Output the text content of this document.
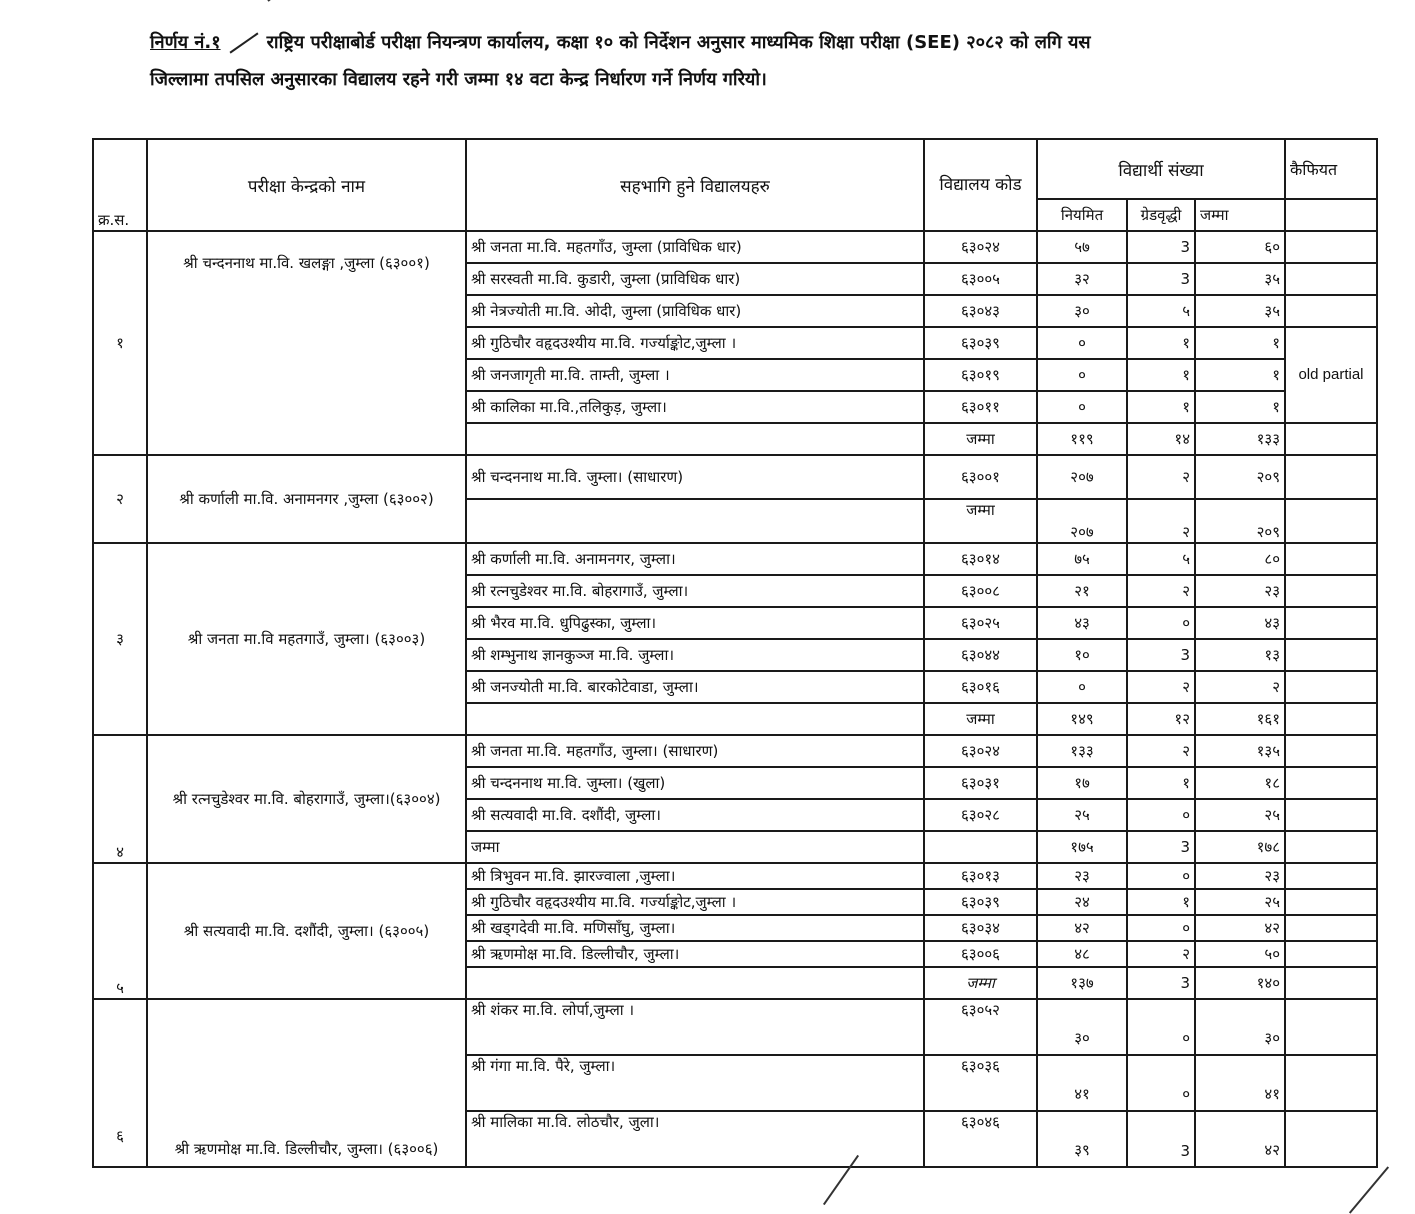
निर्णय नं.१	राष्ट्रिय परीक्षाबोर्ड परीक्षा नियन्त्रण कार्यालय, कक्षा १० को निर्देशन अनुसार माध्यमिक शिक्षा परीक्षा (SEE) २०८२ को लगि यस
जिल्लामा तपसिल अनुसारका विद्यालय रहने गरी जम्मा १४ वटा केन्द्र निर्धारण गर्ने निर्णय गरियो।
क्र.स.	परीक्षा केन्द्रको नाम	सहभागि हुने विद्यालयहरु	विद्यालय कोड	विद्यार्थी संख्या			कैफियत
				नियमित	ग्रेडवृद्धी	जम्मा	
१	श्री चन्दननाथ मा.वि. खलङ्गा ,जुम्ला (६३००१)	श्री जनता मा.वि. महतगाँउ, जुम्ला (प्राविधिक धार)	६३०२४	५७	3	६०	
		श्री सरस्वती मा.वि. कुडारी, जुम्ला (प्राविधिक धार)	६३००५	३२	3	३५	
		श्री नेत्रज्योती मा.वि. ओदी, जुम्ला (प्राविधिक धार)	६३०४३	३०	५	३५	
		श्री गुठिचौर वहृदउश्यीय मा.वि. गर्ज्याङ्कोट,जुम्ला ।	६३०३९	०	१	१	old partial
		श्री जनजागृती मा.वि. ताम्ती, जुम्ला ।	६३०१९	०	१	१	
		श्री कालिका मा.वि.,तलिकुड़, जुम्ला।	६३०११	०	१	१	
			जम्मा	११९	१४	१३३	
२	श्री कर्णाली मा.वि. अनामनगर ,जुम्ला (६३००२)	श्री चन्दननाथ मा.वि. जुम्ला। (साधारण)	६३००१	२०७	२	२०९	
			जम्मा	२०७	२	२०९	
३	श्री जनता मा.वि महतगाउँ, जुम्ला। (६३००३)	श्री कर्णाली मा.वि. अनामनगर, जुम्ला।	६३०१४	७५	५	८०	
		श्री रत्नचुडेश्वर मा.वि. बोहरागाउँ, जुम्ला।	६३००८	२१	२	२३	
		श्री भैरव मा.वि. धुपिढुस्का, जुम्ला।	६३०२५	४३	०	४३	
		श्री शम्भुनाथ ज्ञानकुञ्ज मा.वि. जुम्ला।	६३०४४	१०	3	१३	
		श्री जनज्योती मा.वि. बारकोटेवाडा, जुम्ला।	६३०१६	०	२	२	
			जम्मा	१४९	१२	१६१	
४	श्री रत्नचुडेश्वर मा.वि. बोहरागाउँ, जुम्ला।(६३००४)	श्री जनता मा.वि. महतगाँउ, जुम्ला। (साधारण)	६३०२४	१३३	२	१३५	
		श्री चन्दननाथ मा.वि. जुम्ला। (खुला)	६३०३१	१७	१	१८	
		श्री सत्यवादी मा.वि. दशौंदी, जुम्ला।	६३०२८	२५	०	२५	
		जम्मा		१७५	3	१७८	
५	श्री सत्यवादी मा.वि. दशौंदी, जुम्ला। (६३००५)	श्री त्रिभुवन मा.वि. झारज्वाला ,जुम्ला।	६३०१३	२३	०	२३	
		श्री गुठिचौर वहृदउश्यीय मा.वि. गर्ज्याङ्कोट,जुम्ला ।	६३०३९	२४	१	२५	
		श्री खड्गदेवी मा.वि. मणिसाँघु, जुम्ला।	६३०३४	४२	०	४२	
		श्री ऋणमोक्ष मा.वि. डिल्लीचौर, जुम्ला।	६३००६	४८	२	५०	
			जम्मा	१३७	3	१४०	
६	श्री ऋणमोक्ष मा.वि. डिल्लीचौर, जुम्ला। (६३००६)	श्री शंकर मा.वि. लोर्पा,जुम्ला ।	६३०५२	३०	०	३०	
		श्री गंगा मा.वि. पैरे, जुम्ला।	६३०३६	४१	०	४१	
		श्री मालिका मा.वि. लोठचौर, जुला।	६३०४६	३९	3	४२	
